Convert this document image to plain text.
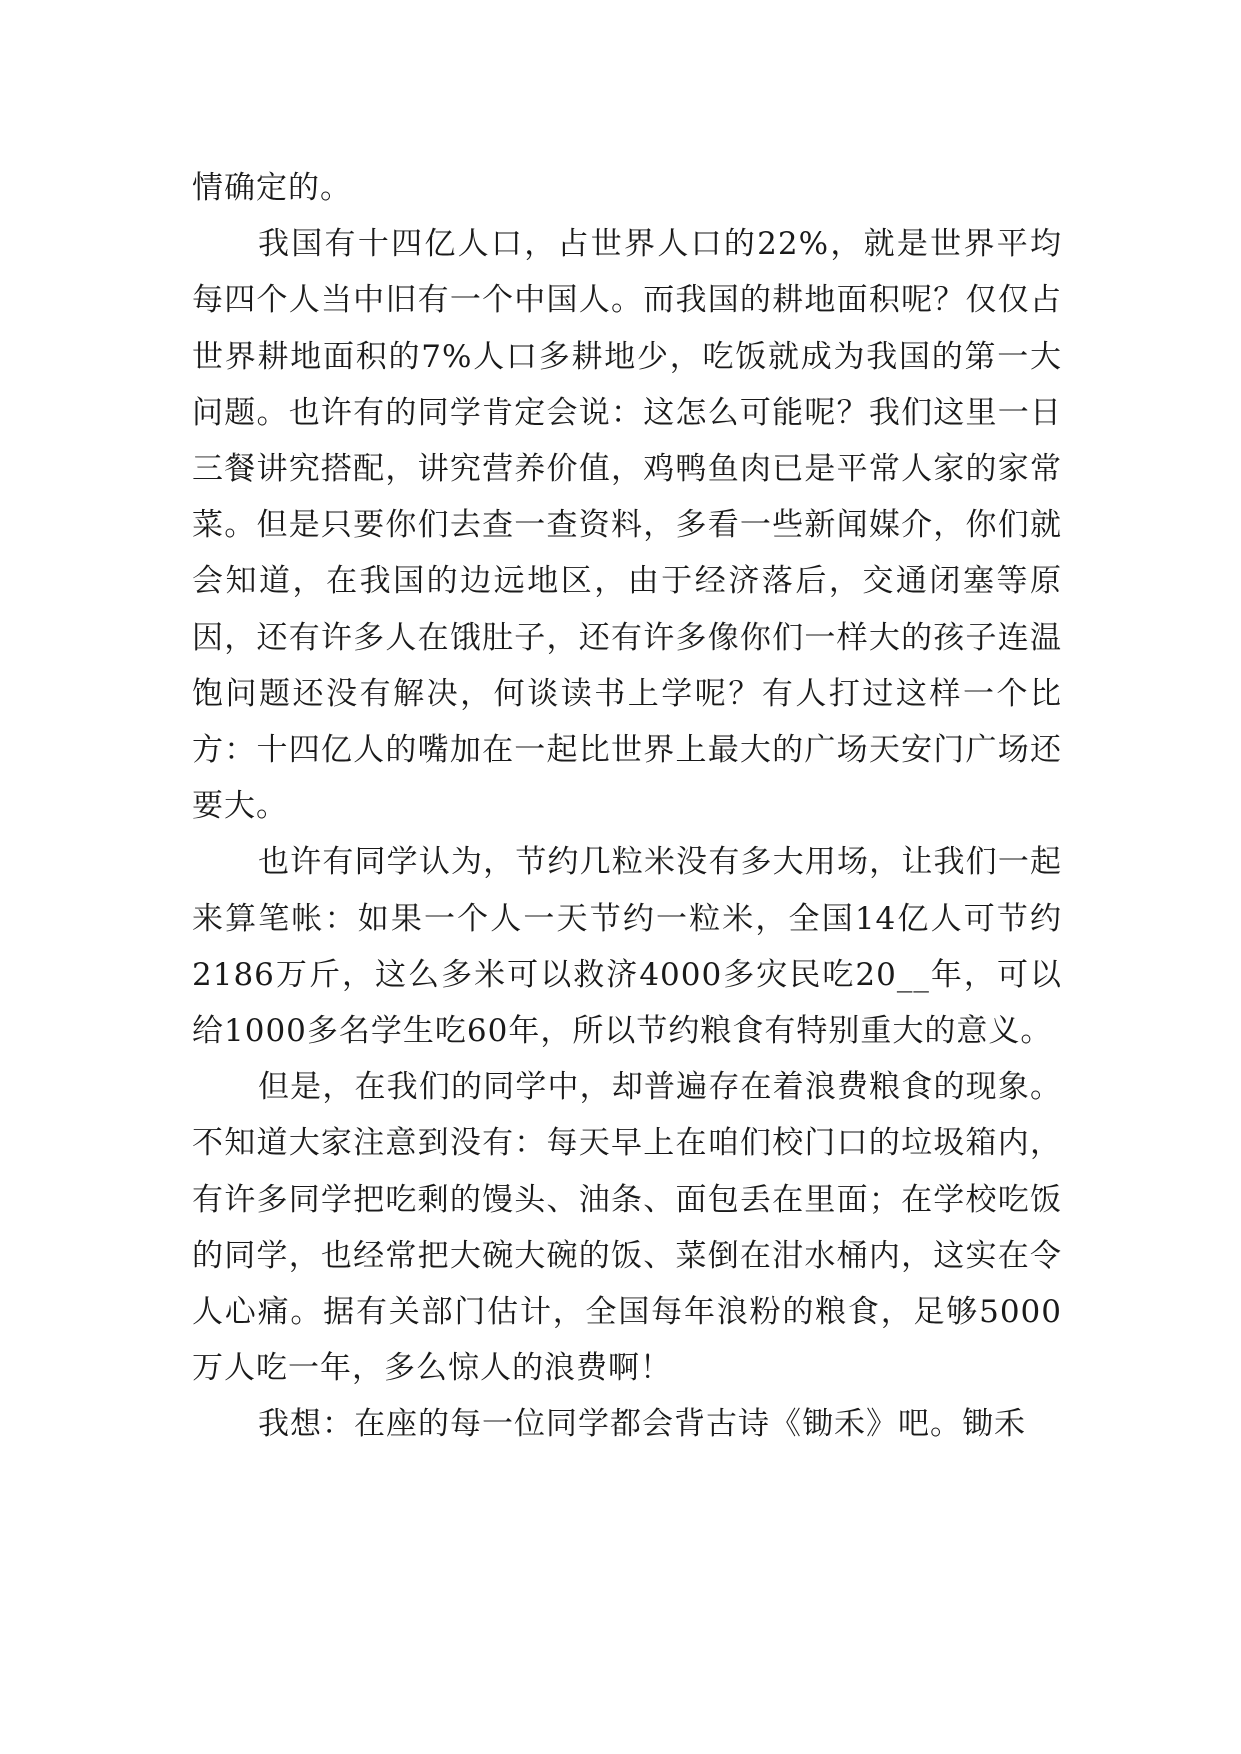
情确定的。

我国有十四亿人口，占世界人口的22%，就是世界平均每四个人当中旧有一个中国人。而我国的耕地面积呢？仅仅占世界耕地面积的7%人口多耕地少，吃饭就成为我国的第一大问题。也许有的同学肯定会说：这怎么可能呢？我们这里一日三餐讲究搭配，讲究营养价值，鸡鸭鱼肉已是平常人家的家常菜。但是只要你们去查一查资料，多看一些新闻媒介，你们就会知道，在我国的边远地区，由于经济落后，交通闭塞等原因，还有许多人在饿肚子，还有许多像你们一样大的孩子连温饱问题还没有解决，何谈读书上学呢？有人打过这样一个比方：十四亿人的嘴加在一起比世界上最大的广场天安门广场还要大。

也许有同学认为，节约几粒米没有多大用场，让我们一起来算笔帐：如果一个人一天节约一粒米，全国14亿人可节约2186万斤，这么多米可以救济4000多灾民吃20__年，可以给1000多名学生吃60年，所以节约粮食有特别重大的意义。

但是，在我们的同学中，却普遍存在着浪费粮食的现象。不知道大家注意到没有：每天早上在咱们校门口的垃圾箱内，有许多同学把吃剩的馒头、油条、面包丢在里面；在学校吃饭的同学，也经常把大碗大碗的饭、菜倒在泔水桶内，这实在令人心痛。据有关部门估计，全国每年浪粉的粮食，足够5000万人吃一年，多么惊人的浪费啊！

我想：在座的每一位同学都会背古诗《锄禾》吧。锄禾
